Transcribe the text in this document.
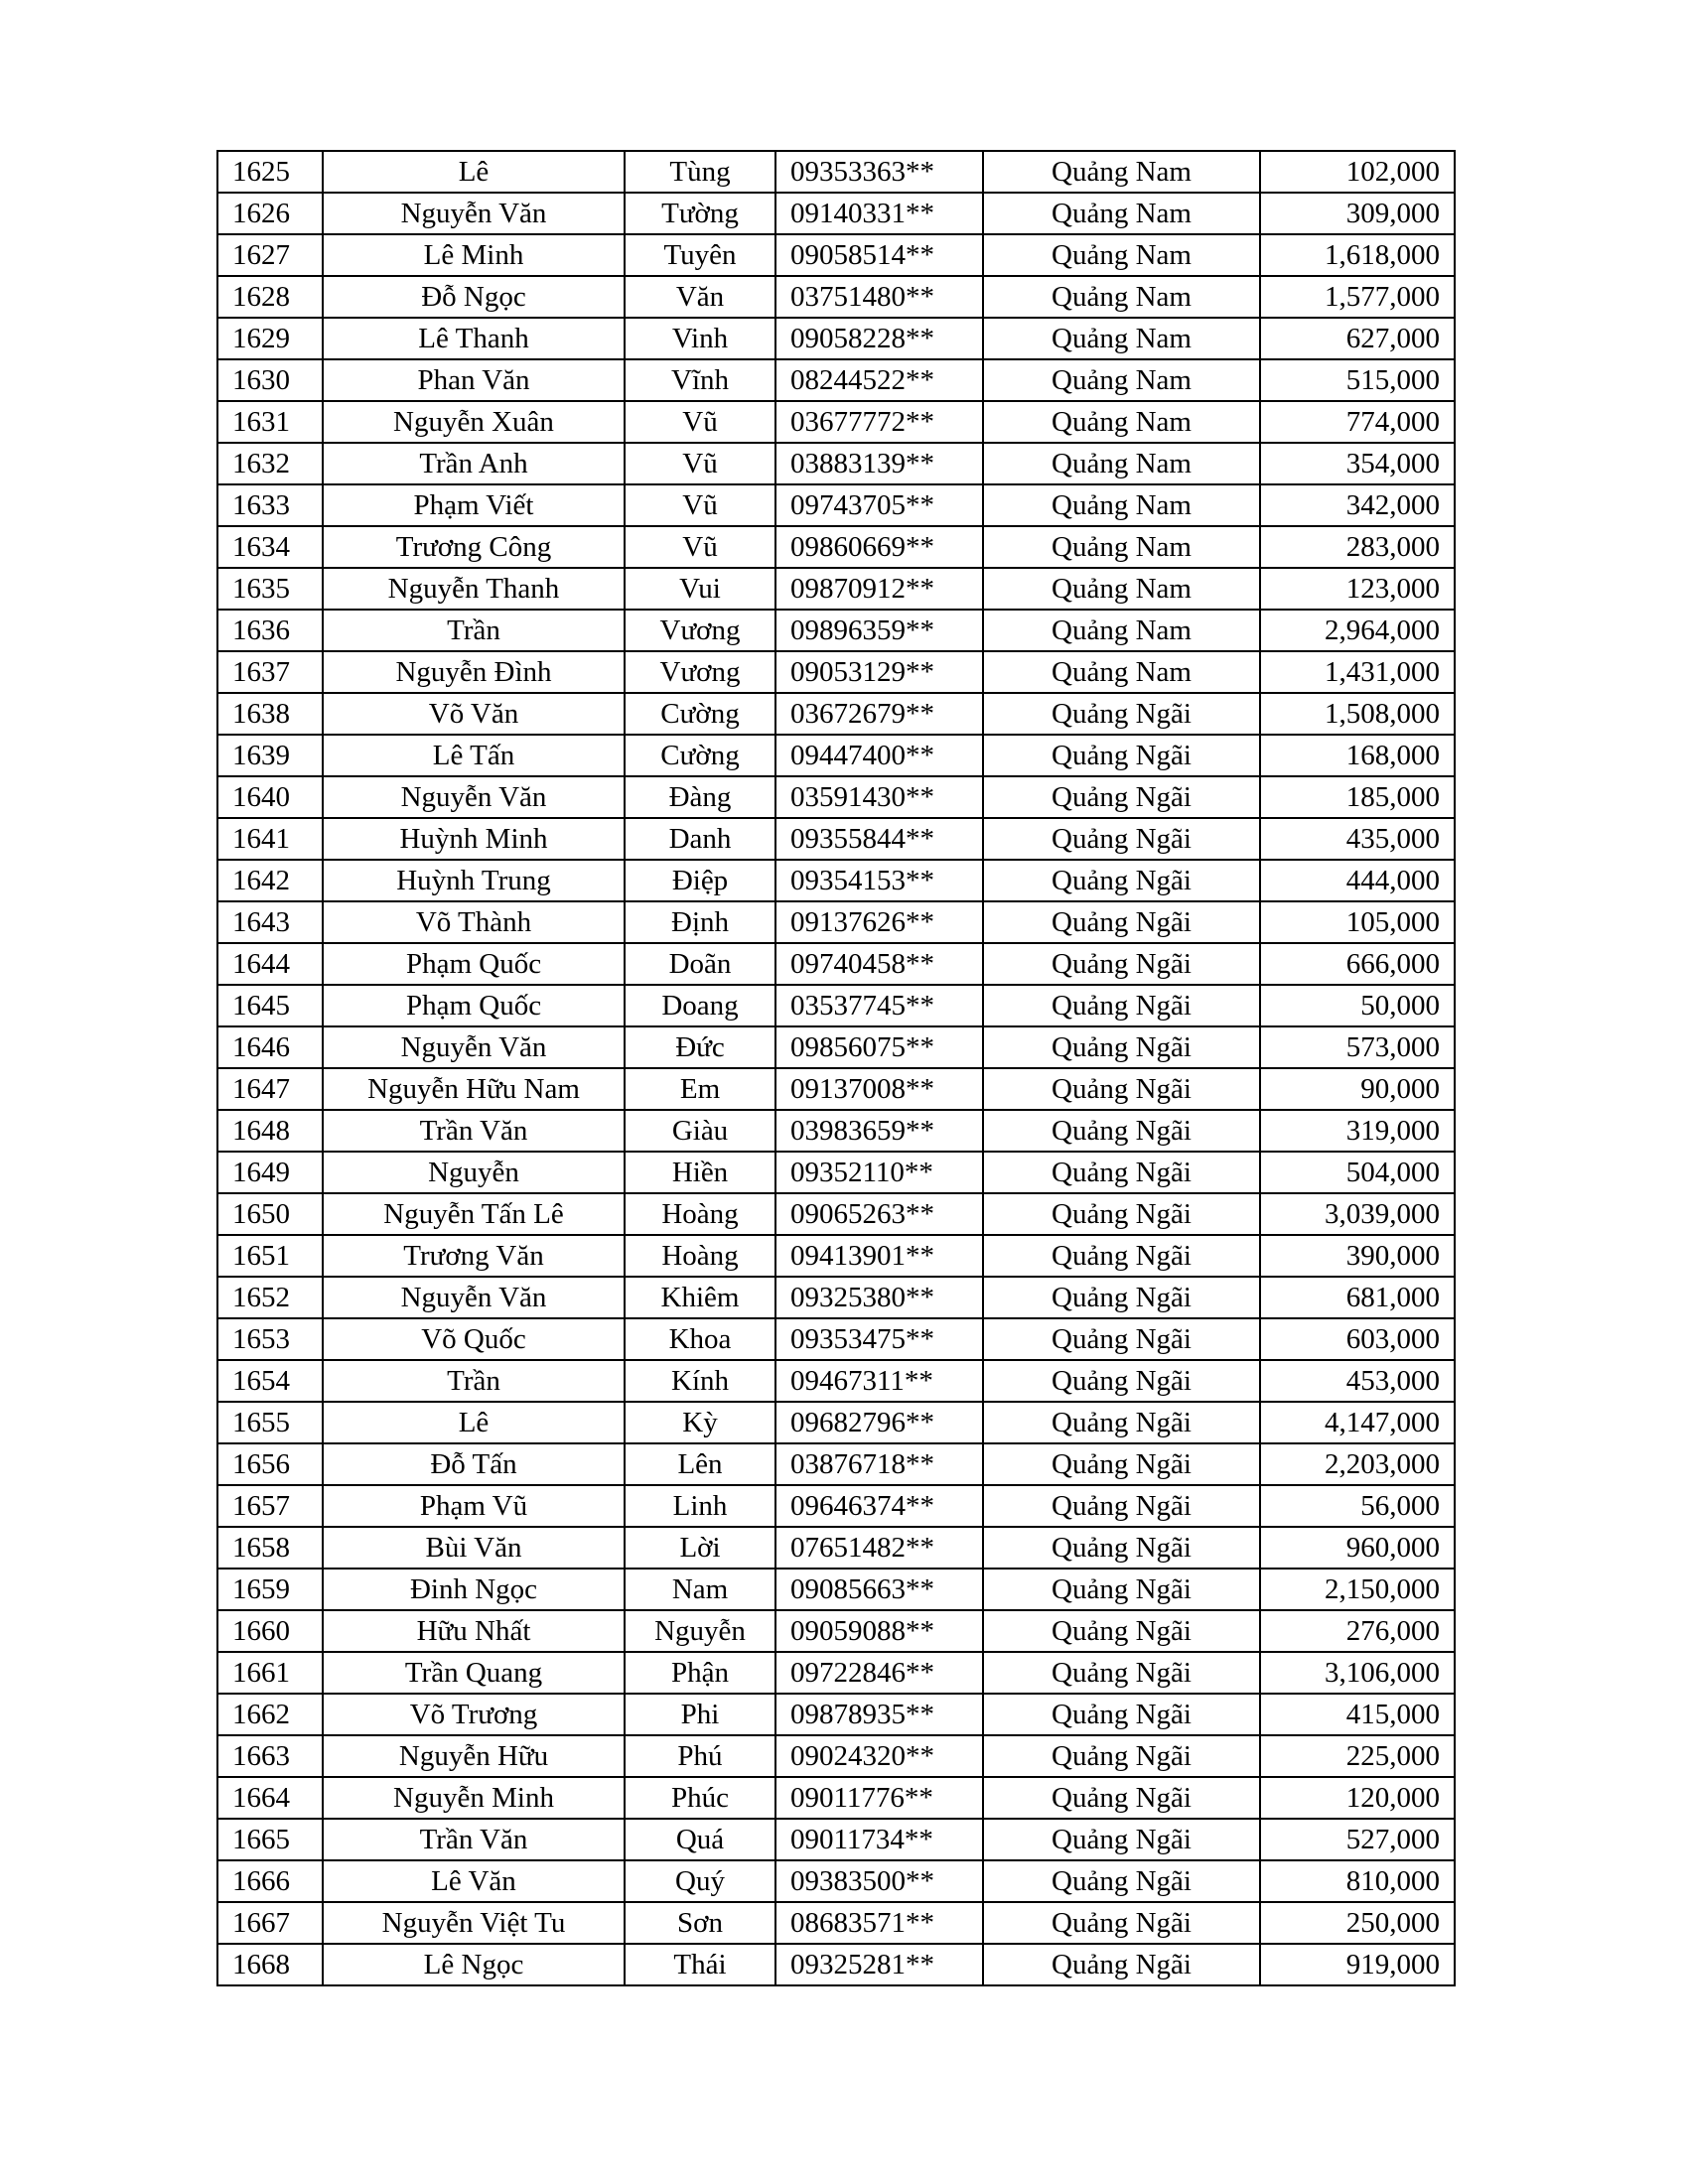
1625	Lê	Tùng	09353363**	Quảng Nam	102,000
1626	Nguyễn Văn	Tường	09140331**	Quảng Nam	309,000
1627	Lê Minh	Tuyên	09058514**	Quảng Nam	1,618,000
1628	Đỗ Ngọc	Văn	03751480**	Quảng Nam	1,577,000
1629	Lê Thanh	Vinh	09058228**	Quảng Nam	627,000
1630	Phan Văn	Vĩnh	08244522**	Quảng Nam	515,000
1631	Nguyễn Xuân	Vũ	03677772**	Quảng Nam	774,000
1632	Trần Anh	Vũ	03883139**	Quảng Nam	354,000
1633	Phạm Viết	Vũ	09743705**	Quảng Nam	342,000
1634	Trương Công	Vũ	09860669**	Quảng Nam	283,000
1635	Nguyễn Thanh	Vui	09870912**	Quảng Nam	123,000
1636	Trần	Vương	09896359**	Quảng Nam	2,964,000
1637	Nguyễn Đình	Vương	09053129**	Quảng Nam	1,431,000
1638	Võ Văn	Cường	03672679**	Quảng Ngãi	1,508,000
1639	Lê Tấn	Cường	09447400**	Quảng Ngãi	168,000
1640	Nguyễn Văn	Đàng	03591430**	Quảng Ngãi	185,000
1641	Huỳnh Minh	Danh	09355844**	Quảng Ngãi	435,000
1642	Huỳnh Trung	Điệp	09354153**	Quảng Ngãi	444,000
1643	Võ Thành	Định	09137626**	Quảng Ngãi	105,000
1644	Phạm Quốc	Doãn	09740458**	Quảng Ngãi	666,000
1645	Phạm Quốc	Doang	03537745**	Quảng Ngãi	50,000
1646	Nguyễn Văn	Đức	09856075**	Quảng Ngãi	573,000
1647	Nguyễn Hữu Nam	Em	09137008**	Quảng Ngãi	90,000
1648	Trần Văn	Giàu	03983659**	Quảng Ngãi	319,000
1649	Nguyễn	Hiền	09352110**	Quảng Ngãi	504,000
1650	Nguyễn Tấn Lê	Hoàng	09065263**	Quảng Ngãi	3,039,000
1651	Trương Văn	Hoàng	09413901**	Quảng Ngãi	390,000
1652	Nguyễn Văn	Khiêm	09325380**	Quảng Ngãi	681,000
1653	Võ Quốc	Khoa	09353475**	Quảng Ngãi	603,000
1654	Trần	Kính	09467311**	Quảng Ngãi	453,000
1655	Lê	Kỳ	09682796**	Quảng Ngãi	4,147,000
1656	Đỗ Tấn	Lên	03876718**	Quảng Ngãi	2,203,000
1657	Phạm Vũ	Linh	09646374**	Quảng Ngãi	56,000
1658	Bùi Văn	Lời	07651482**	Quảng Ngãi	960,000
1659	Đinh Ngọc	Nam	09085663**	Quảng Ngãi	2,150,000
1660	Hữu Nhất	Nguyễn	09059088**	Quảng Ngãi	276,000
1661	Trần Quang	Phận	09722846**	Quảng Ngãi	3,106,000
1662	Võ Trương	Phi	09878935**	Quảng Ngãi	415,000
1663	Nguyễn Hữu	Phú	09024320**	Quảng Ngãi	225,000
1664	Nguyễn Minh	Phúc	09011776**	Quảng Ngãi	120,000
1665	Trần Văn	Quá	09011734**	Quảng Ngãi	527,000
1666	Lê Văn	Quý	09383500**	Quảng Ngãi	810,000
1667	Nguyễn Việt Tu	Sơn	08683571**	Quảng Ngãi	250,000
1668	Lê Ngọc	Thái	09325281**	Quảng Ngãi	919,000
